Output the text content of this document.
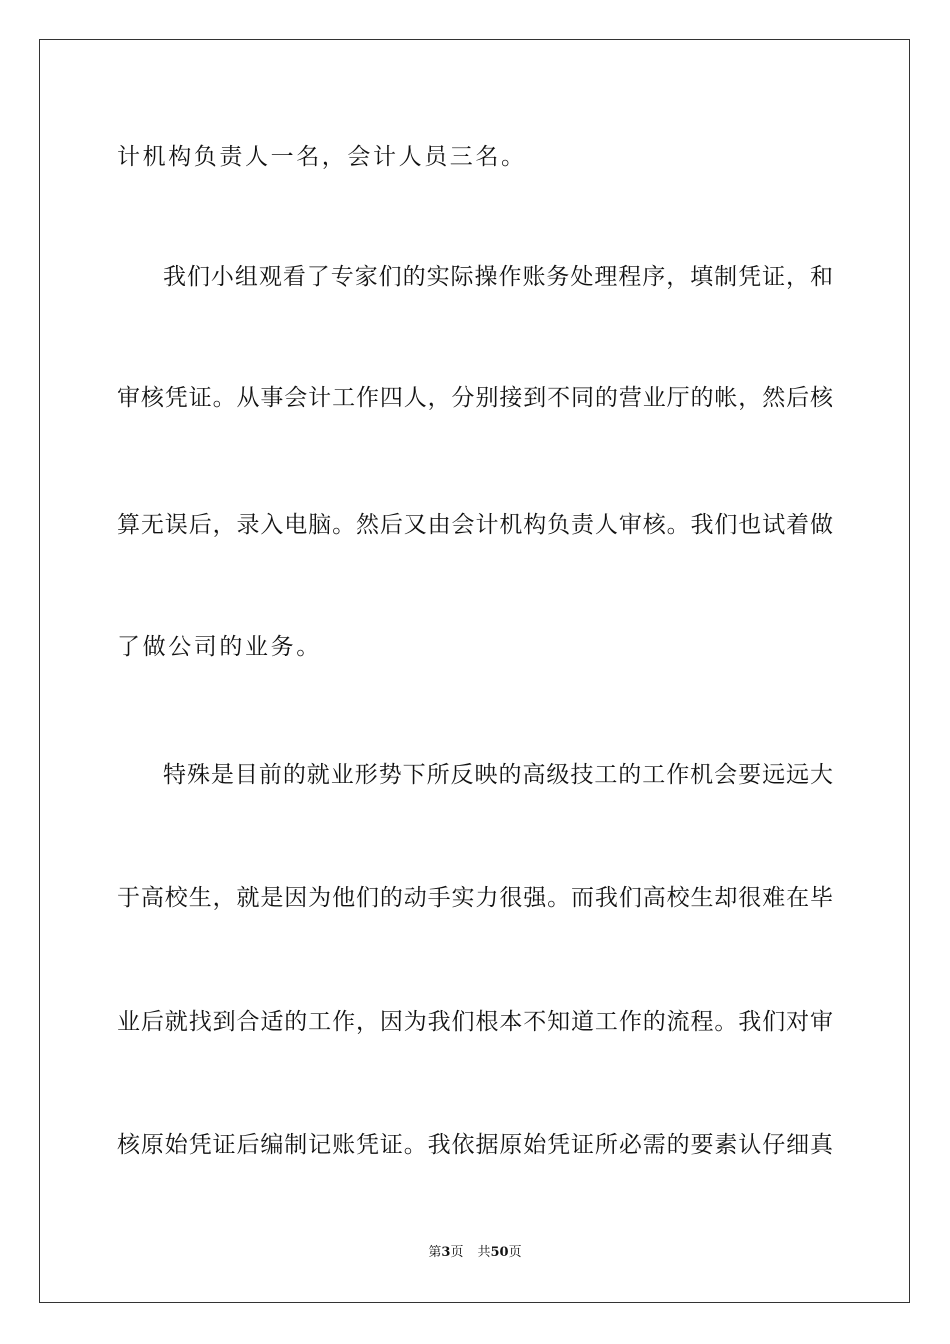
计机构负责人一名，会计人员三名。
我们小组观看了专家们的实际操作账务处理程序，填制凭证，和
审核凭证。从事会计工作四人，分别接到不同的营业厅的帐，然后核
算无误后，录入电脑。然后又由会计机构负责人审核。我们也试着做
了做公司的业务。
特殊是目前的就业形势下所反映的高级技工的工作机会要远远大
于高校生，就是因为他们的动手实力很强。而我们高校生却很难在毕
业后就找到合适的工作，因为我们根本不知道工作的流程。我们对审
核原始凭证后编制记账凭证。我依据原始凭证所必需的要素认仔细真
第3页 共50页
